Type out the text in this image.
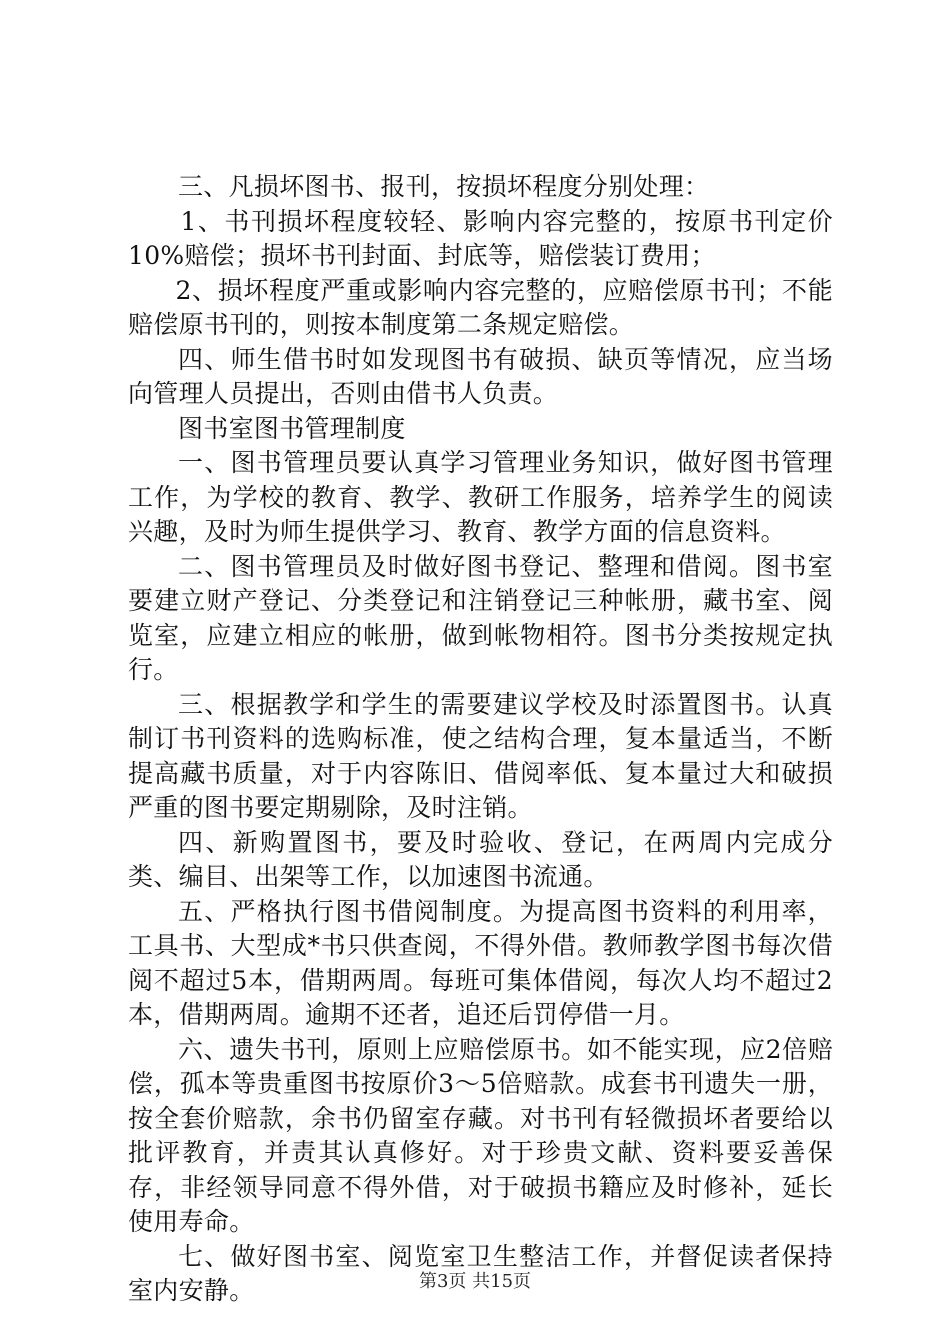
三、凡损坏图书、报刊，按损坏程度分别处理：

1、书刊损坏程度较轻、影响内容完整的，按原书刊定价10%赔偿；损坏书刊封面、封底等，赔偿装订费用；

2、损坏程度严重或影响内容完整的，应赔偿原书刊；不能赔偿原书刊的，则按本制度第二条规定赔偿。

四、师生借书时如发现图书有破损、缺页等情况，应当场向管理人员提出，否则由借书人负责。

图书室图书管理制度

一、图书管理员要认真学习管理业务知识，做好图书管理工作，为学校的教育、教学、教研工作服务，培养学生的阅读兴趣，及时为师生提供学习、教育、教学方面的信息资料。

二、图书管理员及时做好图书登记、整理和借阅。图书室要建立财产登记、分类登记和注销登记三种帐册，藏书室、阅览室，应建立相应的帐册，做到帐物相符。图书分类按规定执行。

三、根据教学和学生的需要建议学校及时添置图书。认真制订书刊资料的选购标准，使之结构合理，复本量适当，不断提高藏书质量，对于内容陈旧、借阅率低、复本量过大和破损严重的图书要定期剔除，及时注销。

四、新购置图书，要及时验收、登记，在两周内完成分类、编目、出架等工作，以加速图书流通。

五、严格执行图书借阅制度。为提高图书资料的利用率，工具书、大型成*书只供查阅，不得外借。教师教学图书每次借阅不超过5本，借期两周。每班可集体借阅，每次人均不超过2本，借期两周。逾期不还者，追还后罚停借一月。

六、遗失书刊，原则上应赔偿原书。如不能实现，应2倍赔偿，孤本等贵重图书按原价3～5倍赔款。成套书刊遗失一册，按全套价赔款，余书仍留室存藏。对书刊有轻微损坏者要给以批评教育，并责其认真修好。对于珍贵文献、资料要妥善保存，非经领导同意不得外借，对于破损书籍应及时修补，延长使用寿命。

七、做好图书室、阅览室卫生整洁工作，并督促读者保持室内安静。	第3页 共15页
